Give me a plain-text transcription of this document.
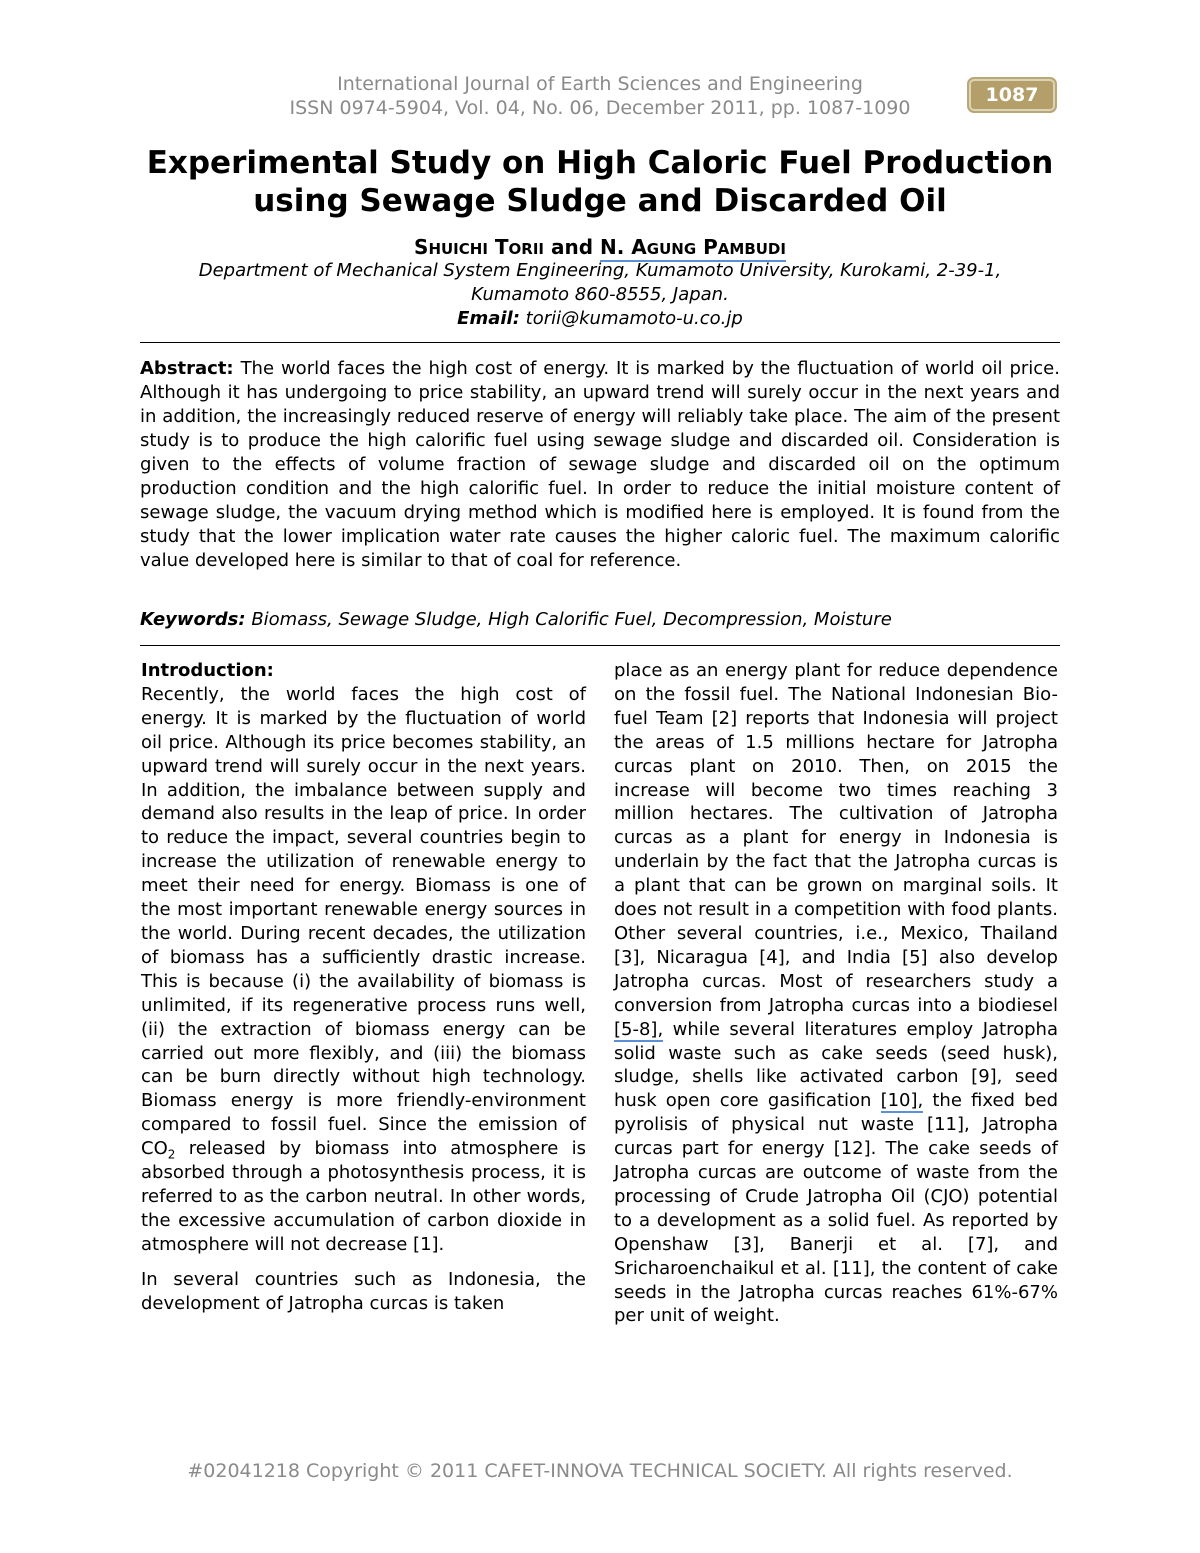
International Journal of Earth Sciences and Engineering
ISSN 0974-5904, Vol. 04, No. 06, December 2011, pp. 1087-1090
1087
Experimental Study on High Caloric Fuel Production
using Sewage Sludge and Discarded Oil
SHUICHI TORII and N. AGUNG PAMBUDI
Department of Mechanical System Engineering, Kumamoto University, Kurokami, 2-39-1,
Kumamoto 860-8555, Japan.
Email: torii@kumamoto-u.co.jp
Abstract: The world faces the high cost of energy. It is marked by the fluctuation of world oil price. Although it has undergoing to price stability, an upward trend will surely occur in the next years and in addition, the increasingly reduced reserve of energy will reliably take place. The aim of the present study is to produce the high calorific fuel using sewage sludge and discarded oil. Consideration is given to the effects of volume fraction of sewage sludge and discarded oil on the optimum production condition and the high calorific fuel. In order to reduce the initial moisture content of sewage sludge, the vacuum drying method which is modified here is employed. It is found from the study that the lower implication water rate causes the higher caloric fuel. The maximum calorific value developed here is similar to that of coal for reference.
Keywords: Biomass, Sewage Sludge, High Calorific Fuel, Decompression, Moisture

Introduction:

Recently, the world faces the high cost of energy. It is marked by the fluctuation of world oil price. Although its price becomes stability, an upward trend will surely occur in the next years. In addition, the imbalance between supply and demand also results in the leap of price. In order to reduce the impact, several countries begin to increase the utilization of renewable energy to meet their need for energy. Biomass is one of the most important renewable energy sources in the world. During recent decades, the utilization of biomass has a sufficiently drastic increase. This is because (i) the availability of biomass is unlimited, if its regenerative process runs well, (ii) the extraction of biomass energy can be carried out more flexibly, and (iii) the biomass can be burn directly without high technology. Biomass energy is more friendly-environment compared to fossil fuel. Since the emission of $CO_2$ released by biomass into atmosphere is absorbed through a photosynthesis process, it is referred to as the carbon neutral. In other words, the excessive accumulation of carbon dioxide in atmosphere will not decrease [1].

In several countries such as Indonesia, the development of Jatropha curcas is taken

place as an energy plant for reduce dependence on the fossil fuel. The National Indonesian Bio-fuel Team [2] reports that Indonesia will project the areas of 1.5 millions hectare for Jatropha curcas plant on 2010. Then, on 2015 the increase will become two times reaching 3 million hectares. The cultivation of Jatropha curcas as a plant for energy in Indonesia is underlain by the fact that the Jatropha curcas is a plant that can be grown on marginal soils. It does not result in a competition with food plants. Other several countries, i.e., Mexico, Thailand [3], Nicaragua [4], and India [5] also develop Jatropha curcas. Most of researchers study a conversion from Jatropha curcas into a biodiesel [5-8], while several literatures employ Jatropha solid waste such as cake seeds (seed husk), sludge, shells like activated carbon [9], seed husk open core gasification [10], the fixed bed pyrolisis of physical nut waste [11], Jatropha curcas part for energy [12]. The cake seeds of Jatropha curcas are outcome of waste from the processing of Crude Jatropha Oil (CJO) potential to a development as a solid fuel. As reported by Openshaw [3], Banerji et al. [7], and Sricharoenchaikul et al. [11], the content of cake seeds in the Jatropha curcas reaches 61%-67% per unit of weight.

#02041218 Copyright © 2011 CAFET-INNOVA TECHNICAL SOCIETY. All rights reserved.
